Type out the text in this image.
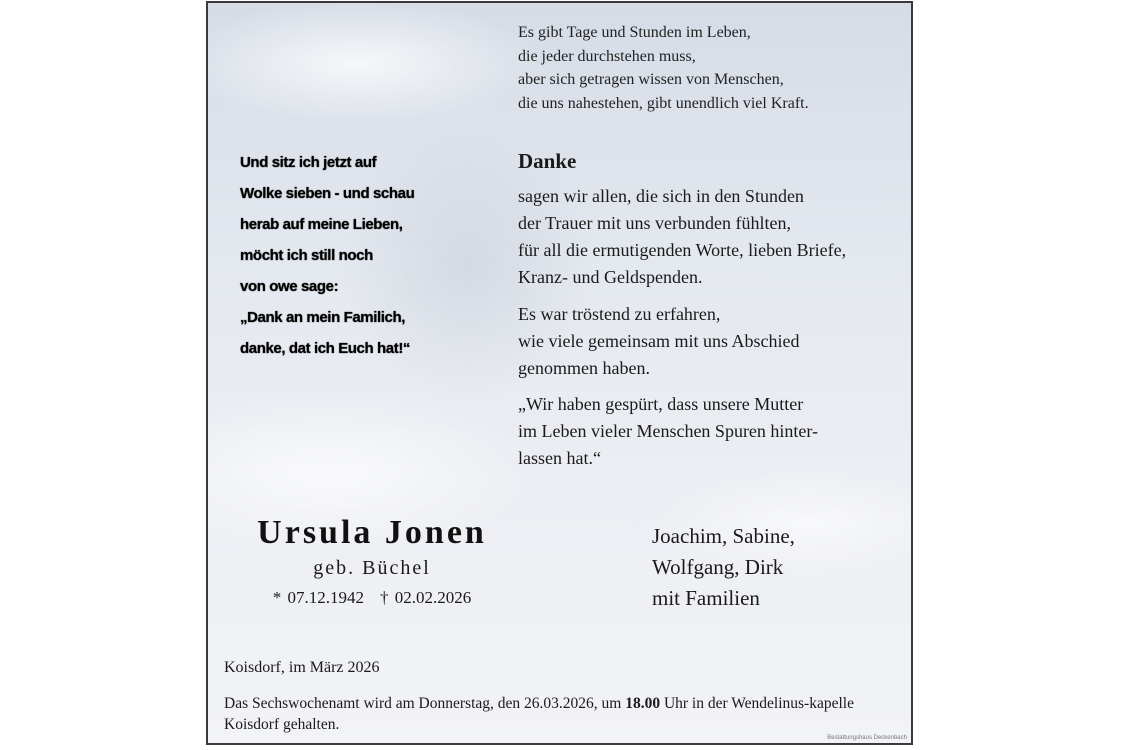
Es gibt Tage und Stunden im Leben,
die jeder durchstehen muss,
aber sich getragen wissen von Menschen,
die uns nahestehen, gibt unendlich viel Kraft.
Und sitz ich jetzt auf
Wolke sieben - und schau
herab auf meine Lieben,
möcht ich still noch
von owe sage:
„Dank an mein Familich,
danke, dat ich Euch hat!“
Danke
sagen wir allen, die sich in den Stunden
der Trauer mit uns verbunden fühlten,
für all die ermutigenden Worte, lieben Briefe,
Kranz- und Geldspenden.
Es war tröstend zu erfahren,
wie viele gemeinsam mit uns Abschied
genommen haben.
„Wir haben gespürt, dass unsere Mutter
im Leben vieler Menschen Spuren hinter-
lassen hat.“
Ursula Jonen
geb. Büchel
* 07.12.1942 † 02.02.2026
Joachim, Sabine,
Wolfgang, Dirk
mit Familien
Koisdorf, im März 2026
Das Sechswochenamt wird am Donnerstag, den 26.03.2026, um 18.00 Uhr in der Wendelinus-kapelle Koisdorf gehalten.
Bestattungshaus Deckenbach
